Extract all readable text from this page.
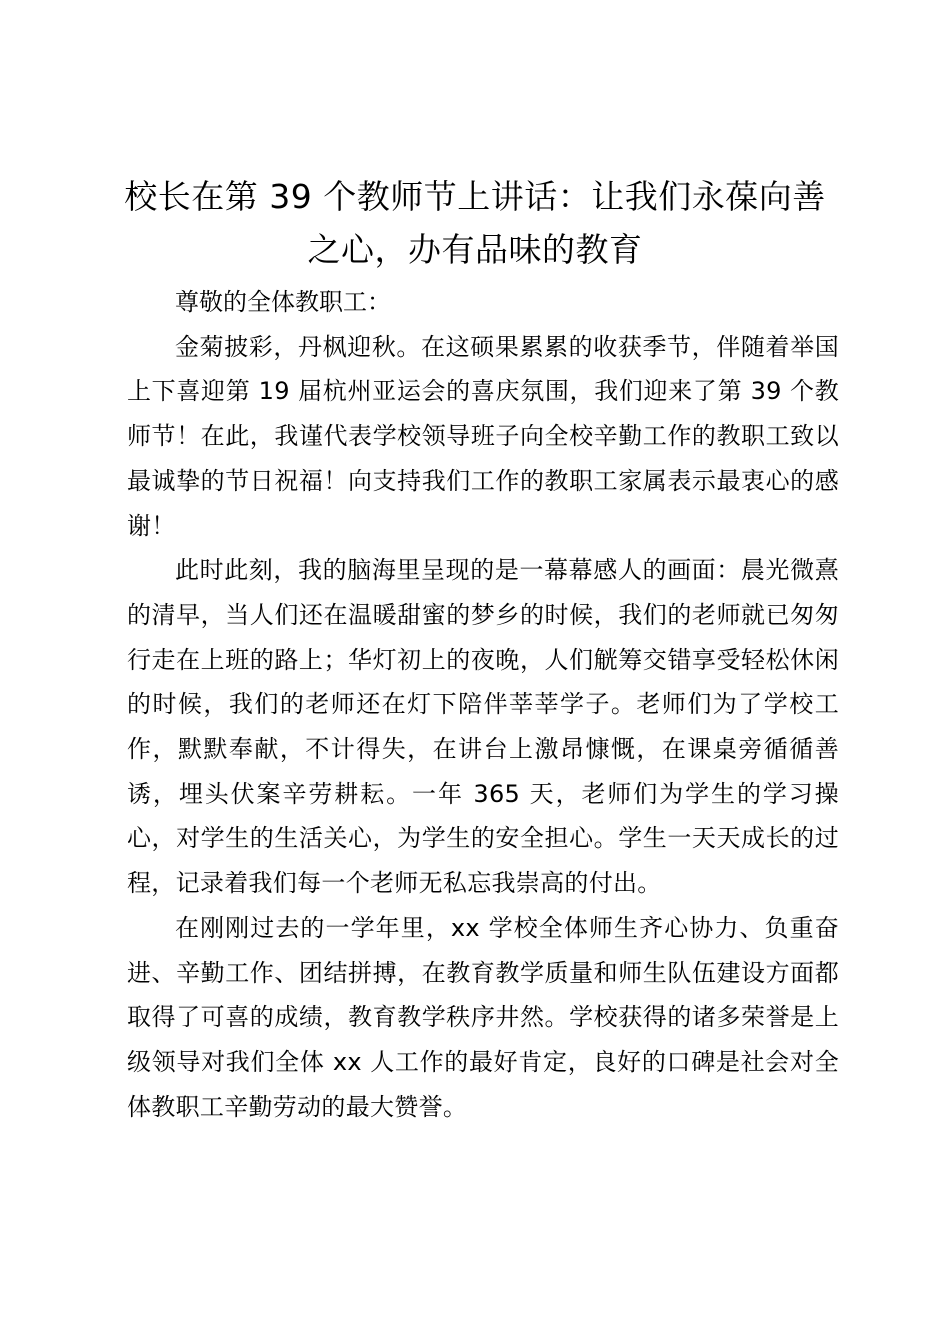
校长在第 39 个教师节上讲话：让我们永葆向善之心，办有品味的教育

尊敬的全体教职工：

金菊披彩，丹枫迎秋。在这硕果累累的收获季节，伴随着举国上下喜迎第 19 届杭州亚运会的喜庆氛围，我们迎来了第 39 个教师节！在此，我谨代表学校领导班子向全校辛勤工作的教职工致以最诚挚的节日祝福！向支持我们工作的教职工家属表示最衷心的感谢！

此时此刻，我的脑海里呈现的是一幕幕感人的画面：晨光微熹的清早，当人们还在温暖甜蜜的梦乡的时候，我们的老师就已匆匆行走在上班的路上；华灯初上的夜晚，人们觥筹交错享受轻松休闲的时候，我们的老师还在灯下陪伴莘莘学子。老师们为了学校工作，默默奉献，不计得失，在讲台上激昂慷慨，在课桌旁循循善诱，埋头伏案辛劳耕耘。一年 365 天，老师们为学生的学习操心，对学生的生活关心，为学生的安全担心。学生一天天成长的过程，记录着我们每一个老师无私忘我崇高的付出。

在刚刚过去的一学年里，xx 学校全体师生齐心协力、负重奋进、辛勤工作、团结拼搏，在教育教学质量和师生队伍建设方面都取得了可喜的成绩，教育教学秩序井然。学校获得的诸多荣誉是上级领导对我们全体 xx 人工作的最好肯定，良好的口碑是社会对全体教职工辛勤劳动的最大赞誉。
